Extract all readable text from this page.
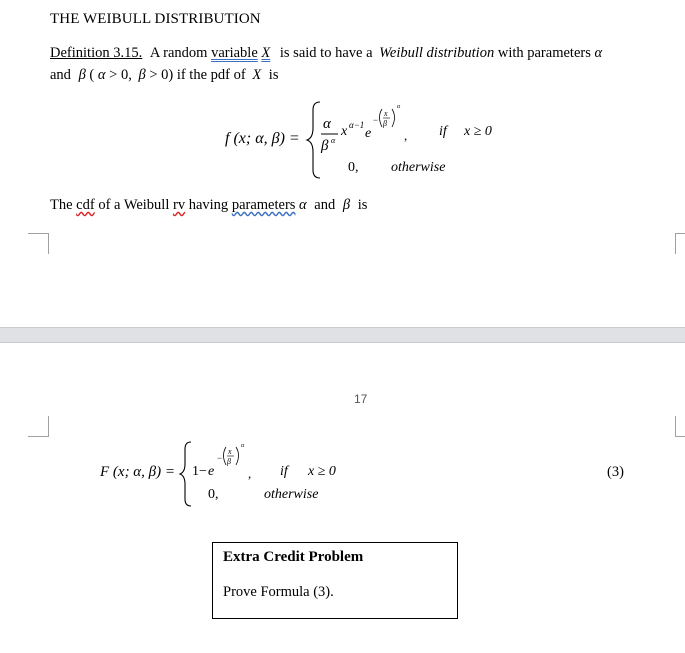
THE WEIBULL DISTRIBUTION
Definition 3.15. A random variable X is said to have a Weibull distribution with parameters α
and β ( α > 0, β > 0) if the pdf of X is
f (x; α, β) =
α
β α
x α−1
e
−
x
β
α
, if x ≥ 0
0, otherwise
The cdf of a Weibull rv having parameters α and β is
17
F (x; α, β) = 1− e
−
x
β
α
, if x ≥ 0
0,	otherwise
(3)
Extra Credit Problem
Prove Formula (3).
